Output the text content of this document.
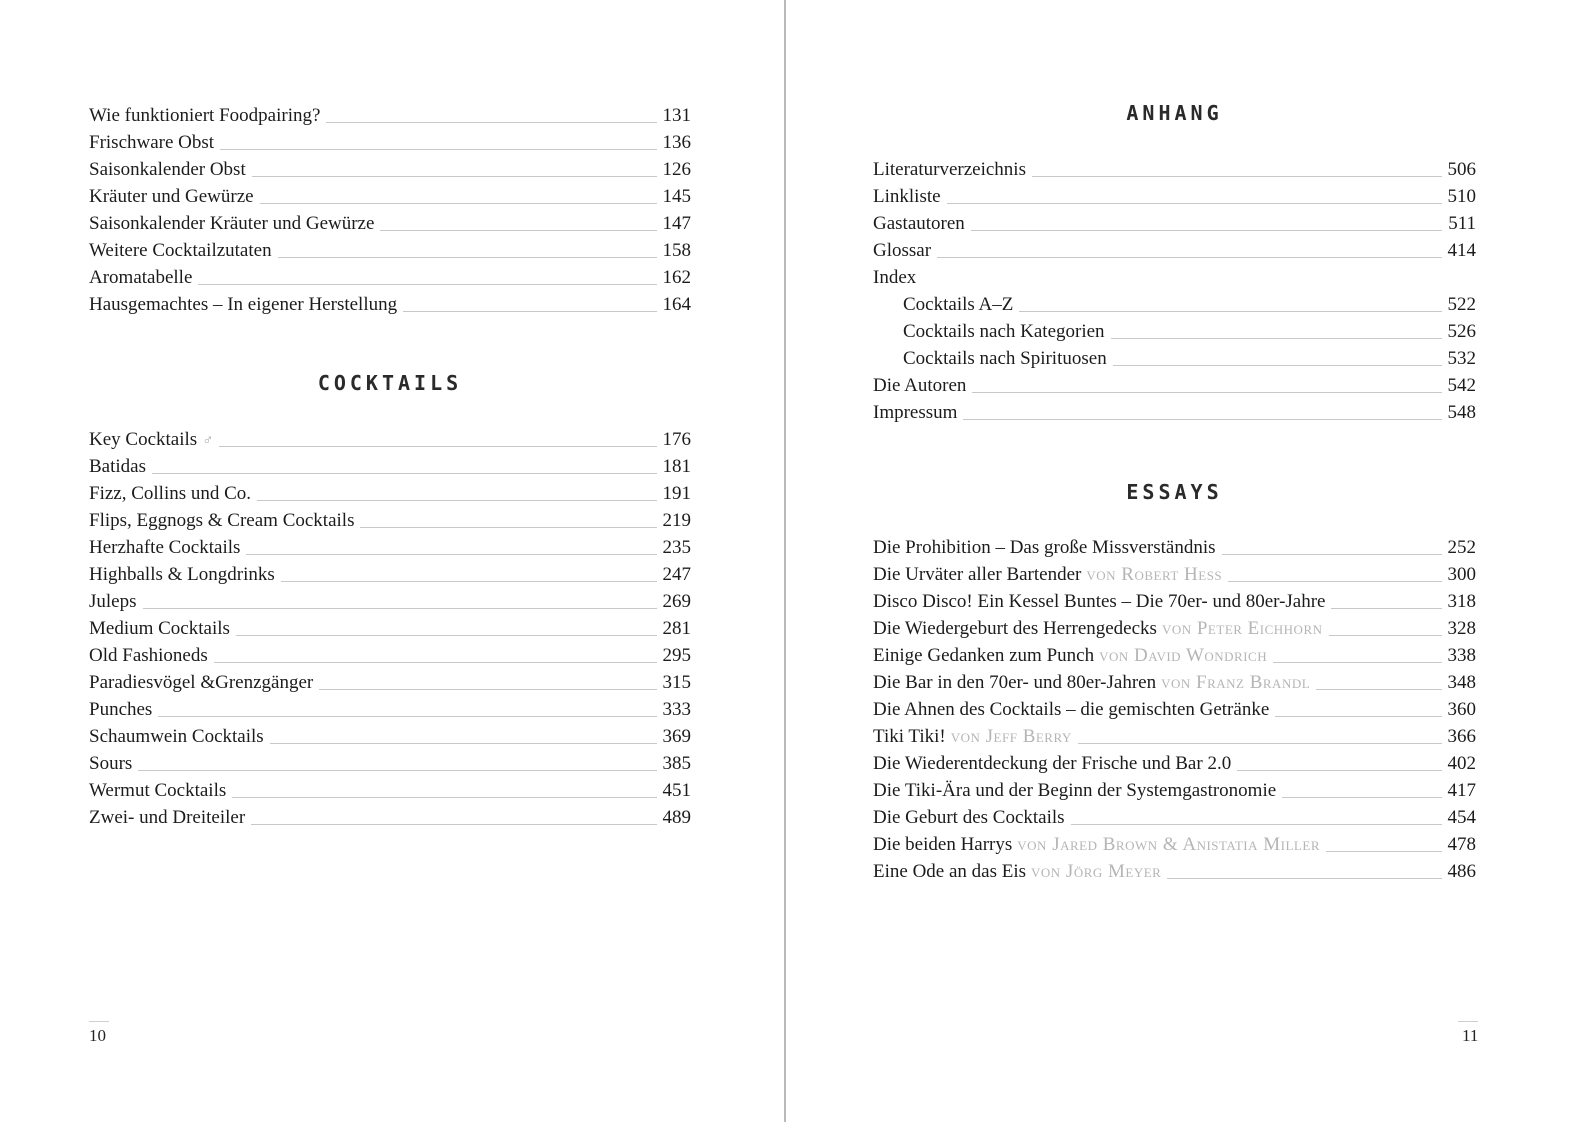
Wie funktioniert Foodpairing?	131
Frischware Obst	136
Saisonkalender Obst	126
Kräuter und Gewürze	145
Saisonkalender Kräuter und Gewürze	147
Weitere Cocktailzutaten	158
Aromatabelle	162
Hausgemachtes – In eigener Herstellung	164
COCKTAILS
Key Cocktails ♂	176
Batidas	181
Fizz, Collins und Co.	191
Flips, Eggnogs & Cream Cocktails	219
Herzhafte Cocktails	235
Highballs & Longdrinks	247
Juleps	269
Medium Cocktails	281
Old Fashioneds	295
Paradiesvögel &Grenzgänger	315
Punches	333
Schaumwein Cocktails	369
Sours	385
Wermut Cocktails	451
Zwei- und Dreiteiler	489
10
ANHANG
Literaturverzeichnis	506
Linkliste	510
Gastautoren	511
Glossar	414
Index
Cocktails A–Z	522
Cocktails nach Kategorien	526
Cocktails nach Spirituosen	532
Die Autoren	542
Impressum	548
ESSAYS
Die Prohibition – Das große Missverständnis	252
Die Urväter aller Bartender von Robert Hess	300
Disco Disco! Ein Kessel Buntes – Die 70er- und 80er-Jahre	318
Die Wiedergeburt des Herrengedecks von Peter Eichhorn	328
Einige Gedanken zum Punch von David Wondrich	338
Die Bar in den 70er- und 80er-Jahren von Franz Brandl	348
Die Ahnen des Cocktails – die gemischten Getränke	360
Tiki Tiki! von Jeff Berry	366
Die Wiederentdeckung der Frische und Bar 2.0	402
Die Tiki-Ära und der Beginn der Systemgastronomie	417
Die Geburt des Cocktails	454
Die beiden Harrys von Jared Brown & Anistatia Miller	478
Eine Ode an das Eis von Jörg Meyer	486
11
